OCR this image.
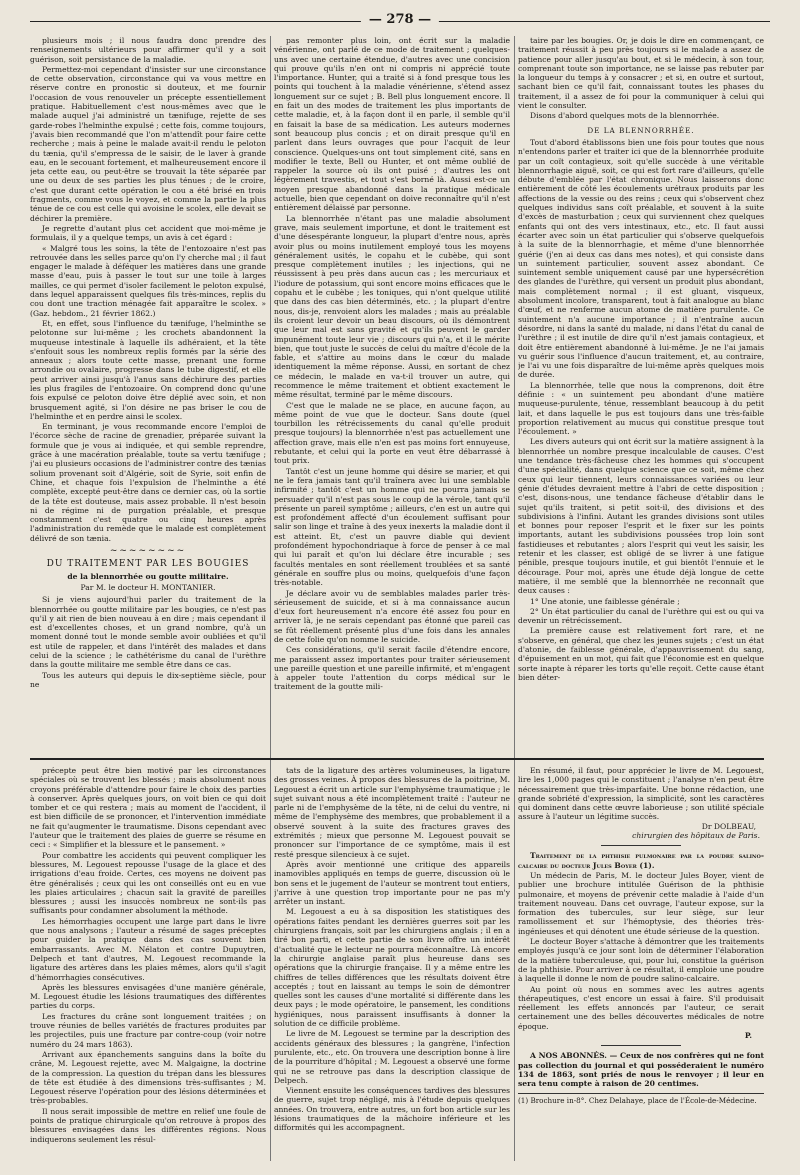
— 278 —

plusieurs mois ; il nous faudra donc prendre des renseignements ultérieurs pour affirmer qu'il y a soit guérison, soit persistance de la maladie.

Permettez-moi cependant d'insister sur une circonstance de cette observation, circonstance qui va vous mettre en réserve contre en pronostic si douteux, et me fournir l'occasion de vous renouveler un précepte essentiellement pratique. Habituellement c'est nous-mêmes avec que le malade auquel j'ai administré un tænifuge, rejette de ses garde-robes l'helminthe expulsé ; cette fois, comme toujours, j'avais bien recommandé que l'on m'attendît pour faire cette recherche ; mais à peine le malade avait-il rendu le peloton du tænia, qu'il s'empressa de le saisir, de le laver à grande eau, en le secouant fortement, et malheureusement encore il jeta cette eau, ou peut-être se trouvait la tête séparée par une ou deux de ses parties les plus ténues ; de le croire, c'est que durant cette opération le cou a été brisé en trois fragments, comme vous le voyez, et comme la partie la plus ténue de ce cou est celle qui avoisine le scolex, elle devait se déchirer la première.

Je regrette d'autant plus cet accident que moi-même je formulais, il y a quelque temps, un avis à cet égard :

« Malgré tous les soins, la tête de l'entozoaire n'est pas retrouvée dans les selles parce qu'on l'y cherche mal ; il faut engager le malade à déféquer les matières dans une grande masse d'eau, puis à passer le tout sur une toile à larges mailles, ce qui permet d'isoler facilement le peloton expulsé, dans lequel apparaissent quelques fils très-minces, replis du cou dont une traction ménagée fait apparaître le scolex. » (Gaz. hebdom., 21 février 1862.)

Et, en effet, sous l'influence du tænifuge, l'helminthe se pelotonne sur lui-même ; les crochets abandonnent la muqueuse intestinale à laquelle ils adhéraient, et la tête s'enfouit sous les nombreux replis formés par la série des anneaux ; alors toute cette masse, prenant une forme arrondie ou ovalaire, progresse dans le tube digestif, et elle peut arriver ainsi jusqu'à l'anus sans déchirure des parties les plus fragiles de l'entozoaire. On comprend donc qu'une fois expulsé ce peloton doive être déplié avec soin, et non brusquement agité, si l'on désire ne pas briser le cou de l'helminthe et en perdre ainsi le scolex.

En terminant, je vous recommande encore l'emploi de l'écorce sèche de racine de grenadier, préparée suivant la formule que je vous ai indiquée, et qui semble reprendre, grâce à une macération préalable, toute sa vertu tænifuge ; j'ai eu plusieurs occasions de l'administrer contre des tænias solium provenant soit d'Algérie, soit de Syrie, soit enfin de Chine, et chaque fois l'expulsion de l'helminthe a été complète, excepté peut-être dans ce dernier cas, où la sortie de la tête est douteuse, mais assez probable. Il n'est besoin ni de régime ni de purgation préalable, et presque constamment c'est quatre ou cinq heures après l'administration du remède que le malade est complètement délivré de son tænia.

~~~~~~~~
DU TRAITEMENT PAR LES BOUGIES
de la blennorrhée ou goutte militaire.
Par M. le docteur H. MONTANIER.

Si je viens aujourd'hui parler du traitement de la blennorrhée ou goutte militaire par les bougies, ce n'est pas qu'il y ait rien de bien nouveau à en dire ; mais cependant il est d'excellentes choses, et un grand nombre, qu'à un moment donné tout le monde semble avoir oubliées et qu'il est utile de rappeler, et dans l'intérêt des malades et dans celui de la science ; le cathétérisme du canal de l'urèthre dans la goutte militaire me semble être dans ce cas.

Tous les auteurs qui depuis le dix-septième siècle, pour ne

pas remonter plus loin, ont écrit sur la maladie vénérienne, ont parlé de ce mode de traitement ; quelques-uns avec une certaine étendue, d'autres avec une concision qui prouve qu'ils n'en ont ni compris ni apprécié toute l'importance. Hunter, qui a traité si à fond presque tous les points qui touchent à la maladie vénérienne, s'étend assez longuement sur ce sujet ; B. Bell plus longuement encore. Il en fait un des modes de traitement les plus importants de cette maladie, et, à la façon dont il en parle, il semble qu'il en faisait la base de sa médication. Les auteurs modernes sont beaucoup plus concis ; et on dirait presque qu'il en parlent dans leurs ouvrages que pour l'acquit de leur conscience. Quelques-uns ont tout simplement cité, sans en modifier le texte, Bell ou Hunter, et ont même oublié de rappeler la source où ils ont puisé ; d'autres les ont légèrement travestis, et tout s'est borné là. Aussi est-ce un moyen presque abandonné dans la pratique médicale actuelle, bien que cependant on doive reconnaître qu'il n'est entièrement délaissé par personne.

La blennorrhée n'étant pas une maladie absolument grave, mais seulement importune, et dont le traitement est d'une désespérante longueur, la plupart d'entre nous, après avoir plus ou moins inutilement employé tous les moyens généralement usités, le copahu et le cubèbe, qui sont presque complètement inutiles ; les injections, qui ne réussissent à peu près dans aucun cas ; les mercuriaux et l'iodure de potassium, qui sont encore moins efficaces que le copahu et le cubèbe ; les toniques, qui n'ont quelque utilité que dans des cas bien déterminés, etc. ; la plupart d'entre nous, dis-je, renvoient alors les malades ; mais au préalable ils croient leur devoir un beau discours, où ils démontrent que leur mal est sans gravité et qu'ils peuvent le garder impunément toute leur vie ; discours qui n'a, et il le mérite bien, que tout juste le succès de celui du maître d'école de la fable, et s'attire au moins dans le cœur du malade identiquement la même réponse. Aussi, en sortant de chez ce médecin, le malade en va-t-il trouver un autre, qui recommence le même traitement et obtient exactement le même résultat, terminé par le même discours.

C'est que le malade ne se place, en aucune façon, au même point de vue que le docteur. Sans doute (quel tourbillon les rétrécissements du canal qu'elle produit presque toujours) la blennorrhée n'est pas actuellement une affection grave, mais elle n'en est pas moins fort ennuyeuse, rebutante, et celui qui la porte en veut être débarrassé à tout prix.

Tantôt c'est un jeune homme qui désire se marier, et qui ne le fera jamais tant qu'il traînera avec lui une semblable infirmité ; tantôt c'est un homme qui ne pourra jamais se persuader qu'il n'est pas sous le coup de la vérole, tant qu'il présente un pareil symptôme ; ailleurs, c'en est un autre qui est profondément affecté d'un écoulement suffisant pour salir son linge et traîne à des yeux inexerts la maladie dont il est atteint. Et, c'est un pauvre diable qui devient profondément hypochondriaque à force de penser à ce mal qui lui paraît et qu'on lui déclare être incurable ; ses facultés mentales en sont réellement troublées et sa santé générale en souffre plus ou moins, quelquefois d'une façon très-notable.

Je déclare avoir vu de semblables malades parler très-sérieusement de suicide, et si à ma connaissance aucun d'eux fort heureusement n'a encore été assez fou pour en arriver là, je ne serais cependant pas étonné que pareil cas se fût réellement présenté plus d'une fois dans les annales de cette folie qu'on nomme le suicide.

Ces considérations, qu'il serait facile d'étendre encore, me paraissent assez importantes pour traiter sérieusement une pareille question et une pareille infirmité, et m'engagent à appeler toute l'attention du corps médical sur le traitement de la goutte mili-

taire par les bougies. Or, je dois le dire en commençant, ce traitement réussit à peu près toujours si le malade a assez de patience pour aller jusqu'au bout, et si le médecin, à son tour, comprenant toute son importance, ne se laisse pas rebuter par la longueur du temps à y consacrer ; et si, en outre et surtout, sachant bien ce qu'il fait, connaissant toutes les phases du traitement, il a assez de foi pour la communiquer à celui qui vient le consulter.

Disons d'abord quelques mots de la blennorrhée.

DE LA BLENNORRHÉE.

Tout d'abord établissons bien une fois pour toutes que nous n'entendons parler et traiter ici que de la blennorrhée produite par un coït contagieux, soit qu'elle succède à une véritable blennorrhagie aiguë, soit, ce qui est fort rare d'ailleurs, qu'elle débute d'emblée par l'état chronique. Nous laisserons donc entièrement de côté les écoulements urétraux produits par les affections de la vessie ou des reins ; ceux qui s'observent chez quelques individus sans coït préalable, et souvent à la suite d'excès de masturbation ; ceux qui surviennent chez quelques enfants qui ont des vers intestinaux, etc., etc. Il faut aussi écarter avec soin un état particulier qui s'observe quelquefois à la suite de la blennorrhagie, et même d'une blennorrhée guérie (j'en ai deux cas dans mes notes), et qui consiste dans un suintement particulier, souvent assez abondant. Ce suintement semble uniquement causé par une hypersécrétion des glandes de l'urèthre, qui versent un produit plus abondant, mais complètement normal ; il est gluant, visqueux, absolument incolore, transparent, tout à fait analogue au blanc d'œuf, et ne renferme aucun atome de matière purulente. Ce suintement n'a aucune importance ; il n'entraîne aucun désordre, ni dans la santé du malade, ni dans l'état du canal de l'urèthre ; il est inutile de dire qu'il n'est jamais contagieux, et doit être entièrement abandonné à lui-même. Je ne l'ai jamais vu guérir sous l'influence d'aucun traitement, et, au contraire, je l'ai vu une fois disparaître de lui-même après quelques mois de durée.

La blennorrhée, telle que nous la comprenons, doit être définie : « un suintement peu abondant d'une matière muqueuse-purulente, ténue, ressemblant beaucoup à du petit lait, et dans laquelle le pus est toujours dans une très-faible proportion relativement au mucus qui constitue presque tout l'écoulement. »

Les divers auteurs qui ont écrit sur la matière assignent à la blennorrhée un nombre presque incalculable de causes. C'est une tendance très-fâcheuse chez les hommes qui s'occupent d'une spécialité, dans quelque science que ce soit, même chez ceux qui leur tiennent, leurs connaissances variées ou leur génie d'études devraient mettre à l'abri de cette disposition ; c'est, disons-nous, une tendance fâcheuse d'établir dans le sujet qu'ils traitent, si petit soit-il, des divisions et des subdivisions à l'infini. Autant les grandes divisions sont utiles et bonnes pour reposer l'esprit et le fixer sur les points importants, autant les subdivisions poussées trop loin sont fastidieuses et rebutantes ; alors l'esprit qui veut les saisir, les retenir et les classer, est obligé de se livrer à une fatigue pénible, presque toujours inutile, et gui bientôt l'ennuie et le décourage. Pour moi, après une étude déjà longue de cette matière, il me semblé que la blennorrhée ne reconnaît que deux causes :

1° Une atonie, une faiblesse générale ;

2° Un état particulier du canal de l'urèthre qui est ou qui va devenir un rétrécissement.

La première cause est relativement fort rare, et ne s'observe, en général, que chez les jeunes sujets ; c'est un état d'atonie, de faiblesse générale, d'appauvrissement du sang, d'épuisement en un mot, qui fait que l'économie est en quelque sorte inapte à réparer les torts qu'elle reçoit. Cette cause étant bien déter-

précepte peut être bien motivé par les circonstances spéciales où se trouvent les blessés ; mais absolument nous croyons préférable d'attendre pour faire le choix des parties à conserver. Après quelques jours, on voit bien ce qui doit tomber et ce qui restera ; mais au moment de l'accident, il est bien difficile de se prononcer, et l'intervention immédiate ne fait qu'augmenter le traumatisme. Disons cependant avec l'auteur que le traitement des plaies de guerre se résume en ceci : « Simplifier et la blessure et le pansement. »

Pour combattre les accidents qui peuvent compliquer les blessures, M. Legouest repousse l'usage de la glace et des irrigations d'eau froide. Certes, ces moyens ne doivent pas être généralisés ; ceux qui les ont conseillés ont eu en vue les plaies articulaires ; chacun sait la gravité de pareilles blessures ; aussi les insuccès nombreux ne sont-ils pas suffisants pour condamner absolument la méthode.

Les hémorrhagies occupent une large part dans le livre que nous analysons ; l'auteur a résumé de sages préceptes pour guider la pratique dans des cas souvent bien embarrassants. Avec M. Nélaton et contre Dupuytren, Delpech et tant d'autres, M. Legouest recommande la ligature des artères dans les plaies mêmes, alors qu'il s'agit d'hémorrhagies consécutives.

Après les blessures envisagées d'une manière générale, M. Legouest étudie les lésions traumatiques des différentes parties du corps.

Les fractures du crâne sont longuement traitées ; on trouve réunies de belles variétés de fractures produites par les projectiles, puis une fracture par contre-coup (voir notre numéro du 24 mars 1863).

Arrivant aux épanchements sanguins dans la boîte du crâne, M. Legouest rejette, avec M. Malgaigne, la doctrine de la compression. La question du trépan dans les blessures de tête est étudiée à des dimensions très-suffisantes ; M. Legouest réserve l'opération pour des lésions déterminées et très-probables.

Il nous serait impossible de mettre en relief une foule de points de pratique chirurgicale qu'on retrouve à propos des blessures envisagées dans les différentes régions. Nous indiquerons seulement les résul-

tats de la ligature des artères volumineuses, la ligature des grosses veines. À propos des blessures de la poitrine, M. Legouest a écrit un article sur l'emphysème traumatique ; le sujet suivant nous a été incomplètement traité : l'auteur ne parle ni de l'emphysème de la tête, ni de celui du ventre, ni même de l'emphysème des membres, que probablement il a observé souvent à la suite des fractures graves des extrémités ; mieux que personne M. Legouest pouvait se prononcer sur l'importance de ce symptôme, mais il est resté presque silencieux à ce sujet.

Après avoir mentionné une critique des appareils inamovibles appliqués en temps de guerre, discussion où le bon sens et le jugement de l'auteur se montrent tout entiers, j'arrive à une question trop importante pour ne pas m'y arrêter un instant.

M. Legouest a eu à sa disposition les statistiques des opérations faites pendant les dernières guerres soit par les chirurgiens français, soit par les chirurgiens anglais ; il en a tiré bon parti, et cette partie de son livre offre un intérêt d'actualité que le lecteur ne pourra méconnaître. Là encore la chirurgie anglaise paraît plus heureuse dans ses opérations que la chirurgie française. Il y a même entre les chiffres de telles différences que les résultats doivent être acceptés ; tout en laissant au temps le soin de démontrer quelles sont les causes d'une mortalité si différente dans les deux pays ; le mode opératoire, le pansement, les conditions hygiéniques, nous paraissent insuffisants à donner la solution de ce difficile problème.

Le livre de M. Legouest se termine par la description des accidents généraux des blessures ; la gangrène, l'infection purulente, etc., etc. On trouvera une description bonne à lire de la pourriture d'hôpital ; M. Legouest a observé une forme qui ne se retrouve pas dans la description classique de Delpech.

Viennent ensuite les conséquences tardives des blessures de guerre, sujet trop négligé, mis à l'étude depuis quelques années. On trouvera, entre autres, un fort bon article sur les lésions traumatiques de la mâchoire inférieure et les difformités qui les accompagnent.

En résumé, il faut, pour apprécier le livre de M. Legouest, lire les 1,000 pages qui le constituent ; l'analyse n'en peut être nécessairement que très-imparfaite. Une bonne rédaction, une grande sobriété d'expression, la simplicité, sont les caractères qui dominent dans cette œuvre laborieuse ; son utilité spéciale assure à l'auteur un légitime succès.

Dr DOLBEAU,
chirurgien des hôpitaux de Paris.

Traitement de la phthisie pulmonaire par la poudre salino-calcaire du docteur Jules Boyer (1).

Un médecin de Paris, M. le docteur Jules Boyer, vient de publier une brochure intitulée Guérison de la phthisie pulmonaire, et moyens de prévenir cette maladie à l'aide d'un traitement nouveau. Dans cet ouvrage, l'auteur expose, sur la formation des tubercules, sur leur siège, sur leur ramollissement et sur l'hémoptysie, des théories très-ingénieuses et qui dénotent une étude sérieuse de la question.

Le docteur Boyer s'attache à démontrer que les traitements employés jusqu'à ce jour sont loin de déterminer l'élaboration de la matière tuberculeuse, qui, pour lui, constitue la guérison de la phthisie. Pour arriver à ce résultat, il emploie une poudre à laquelle il donne le nom de poudre salino-calcaire.

Au point où nous en sommes avec les autres agents thérapeutiques, c'est encore un essai à faire. S'il produisait réellement les effets annoncés par l'auteur, ce serait certainement une des belles découvertes médicales de notre époque.

P.

A NOS ABONNÉS. — Ceux de nos confrères qui ne font pas collection du journal et qui posséderaient le numéro 134 de 1863, sont priés de nous le renvoyer ; il leur en sera tenu compte à raison de 20 centimes.

(1) Brochure in-8°. Chez Delahaye, place de l'École-de-Médecine.
